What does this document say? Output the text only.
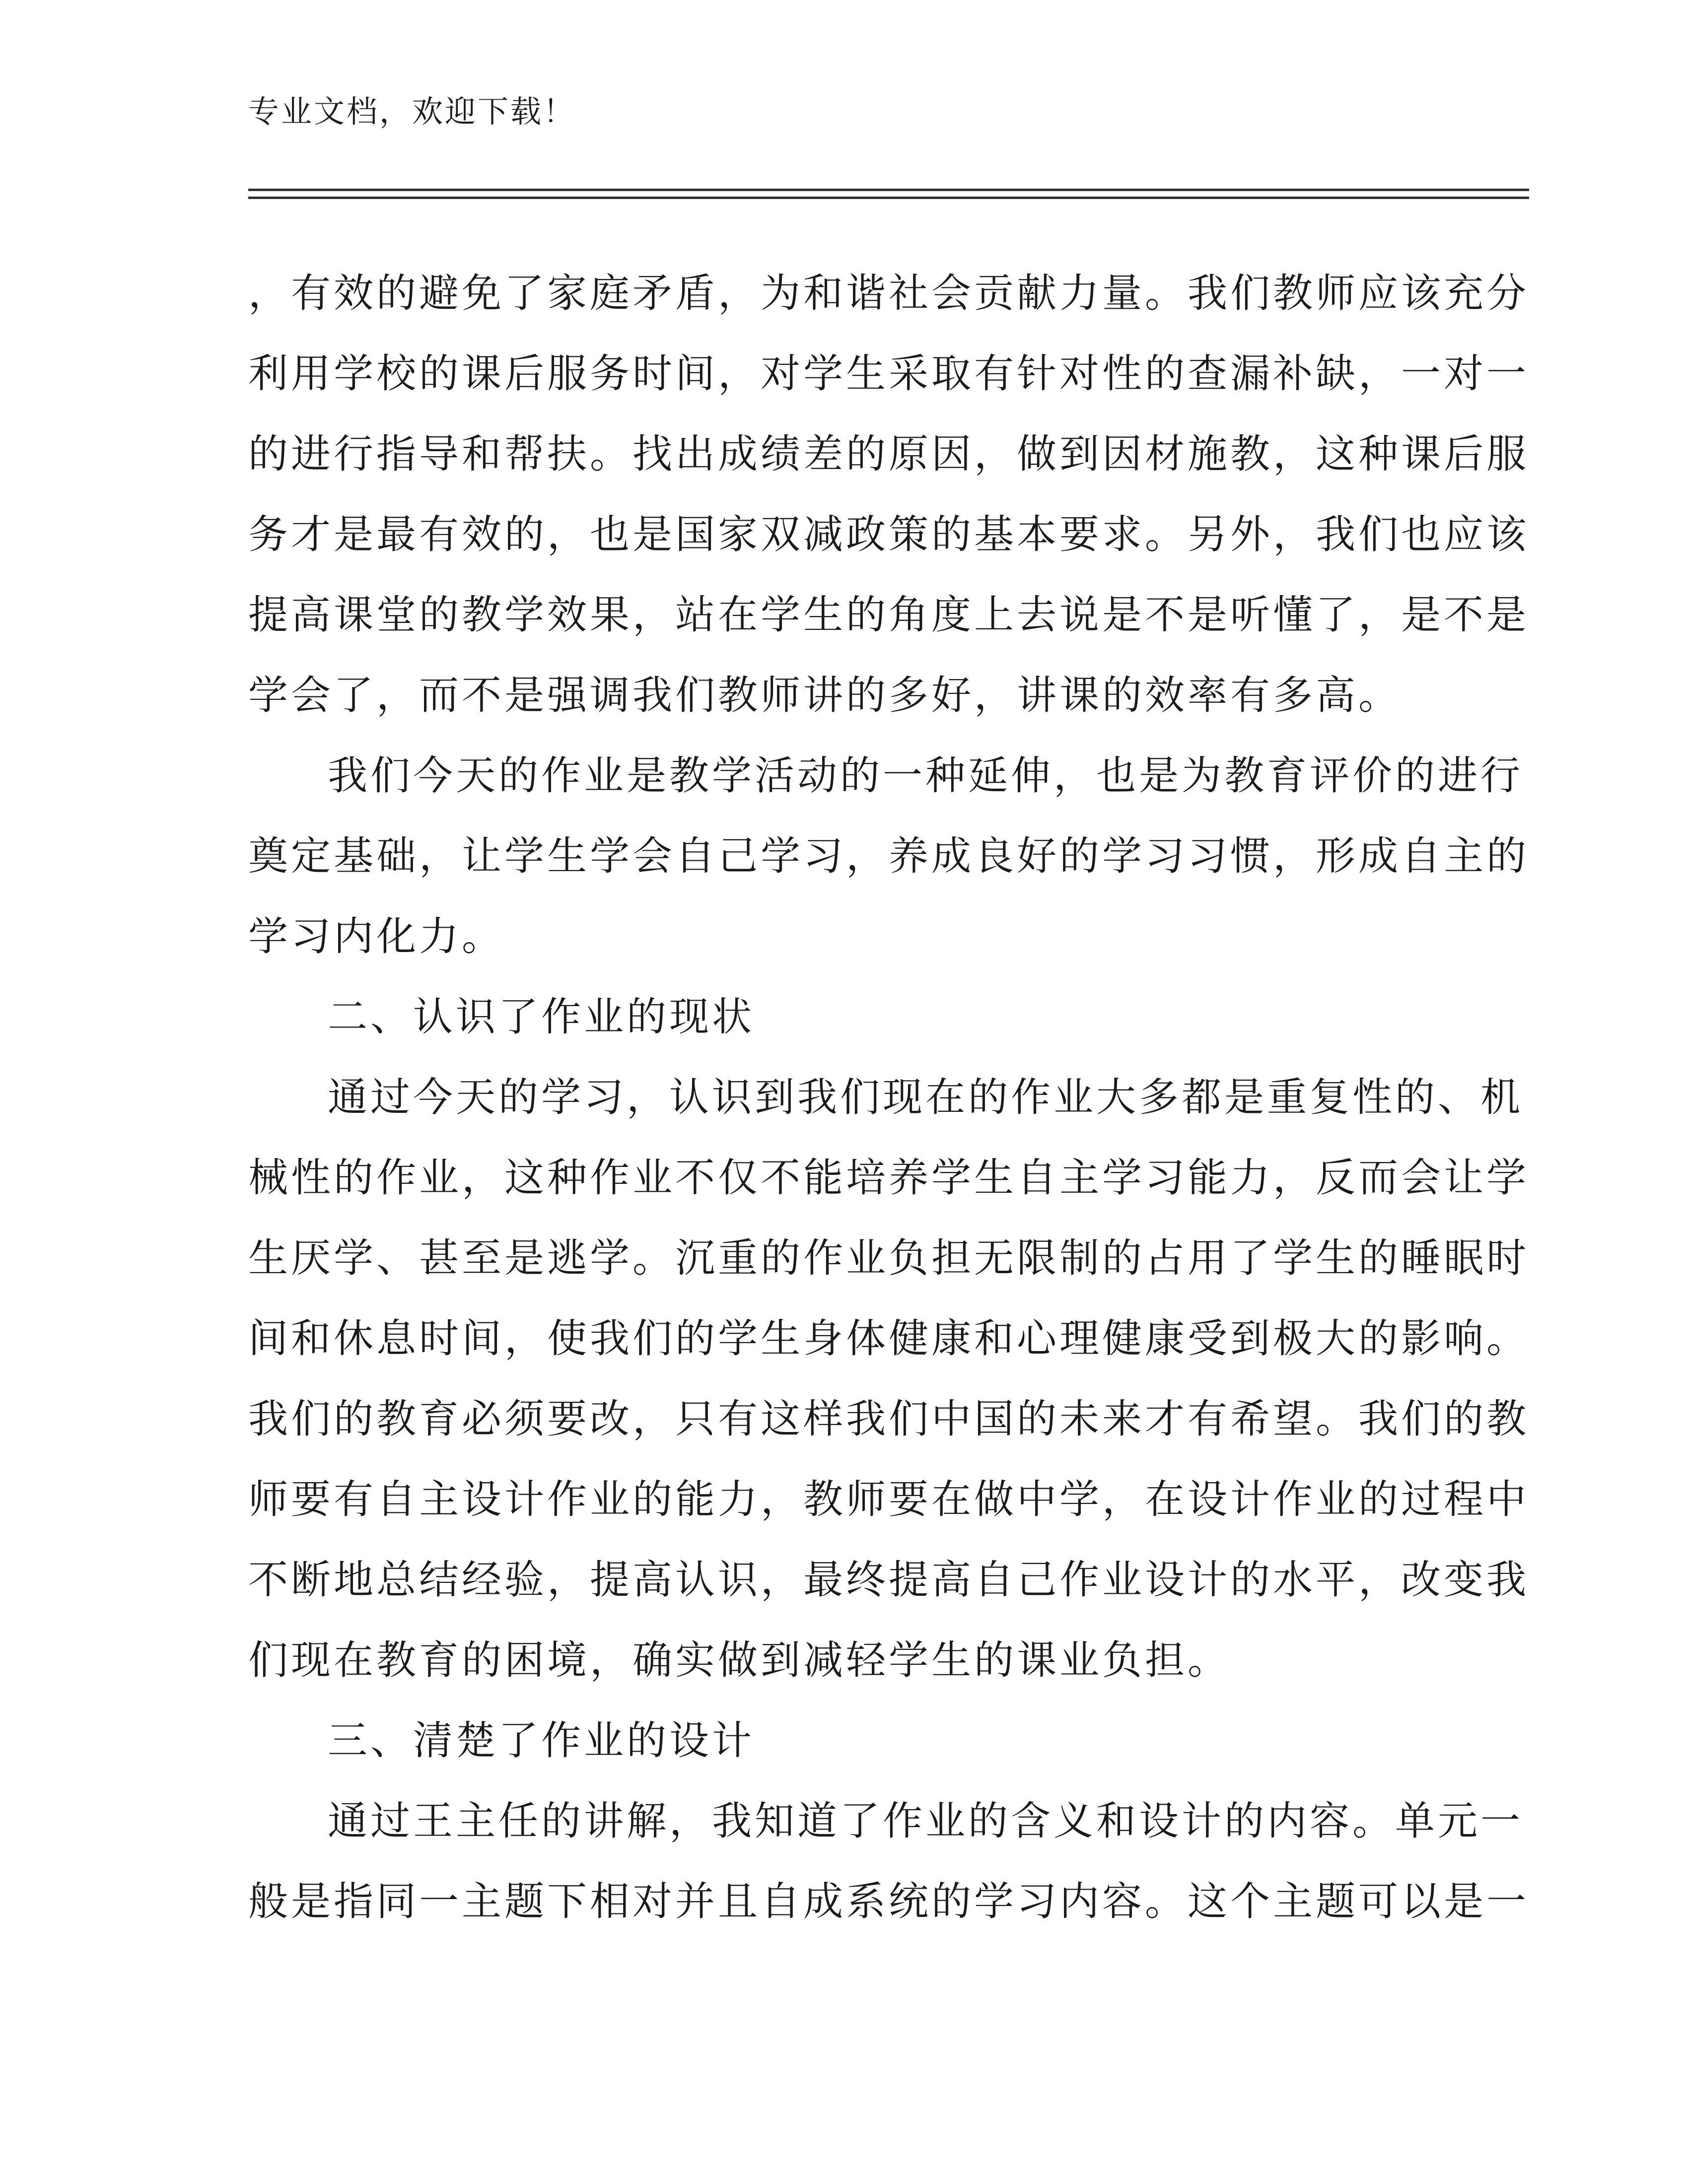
专业文档，欢迎下载！
，有效的避免了家庭矛盾，为和谐社会贡献力量。我们教师应该充分
利用学校的课后服务时间，对学生采取有针对性的查漏补缺，一对一
的进行指导和帮扶。找出成绩差的原因，做到因材施教，这种课后服
务才是最有效的，也是国家双减政策的基本要求。另外，我们也应该
提高课堂的教学效果，站在学生的角度上去说是不是听懂了，是不是
学会了，而不是强调我们教师讲的多好，讲课的效率有多高。
我们今天的作业是教学活动的一种延伸，也是为教育评价的进行
奠定基础，让学生学会自己学习，养成良好的学习习惯，形成自主的
学习内化力。
二、认识了作业的现状
通过今天的学习，认识到我们现在的作业大多都是重复性的、机
械性的作业，这种作业不仅不能培养学生自主学习能力，反而会让学
生厌学、甚至是逃学。沉重的作业负担无限制的占用了学生的睡眠时
间和休息时间，使我们的学生身体健康和心理健康受到极大的影响。
我们的教育必须要改，只有这样我们中国的未来才有希望。我们的教
师要有自主设计作业的能力，教师要在做中学，在设计作业的过程中
不断地总结经验，提高认识，最终提高自己作业设计的水平，改变我
们现在教育的困境，确实做到减轻学生的课业负担。
三、清楚了作业的设计
通过王主任的讲解，我知道了作业的含义和设计的内容。单元一
般是指同一主题下相对并且自成系统的学习内容。这个主题可以是一
